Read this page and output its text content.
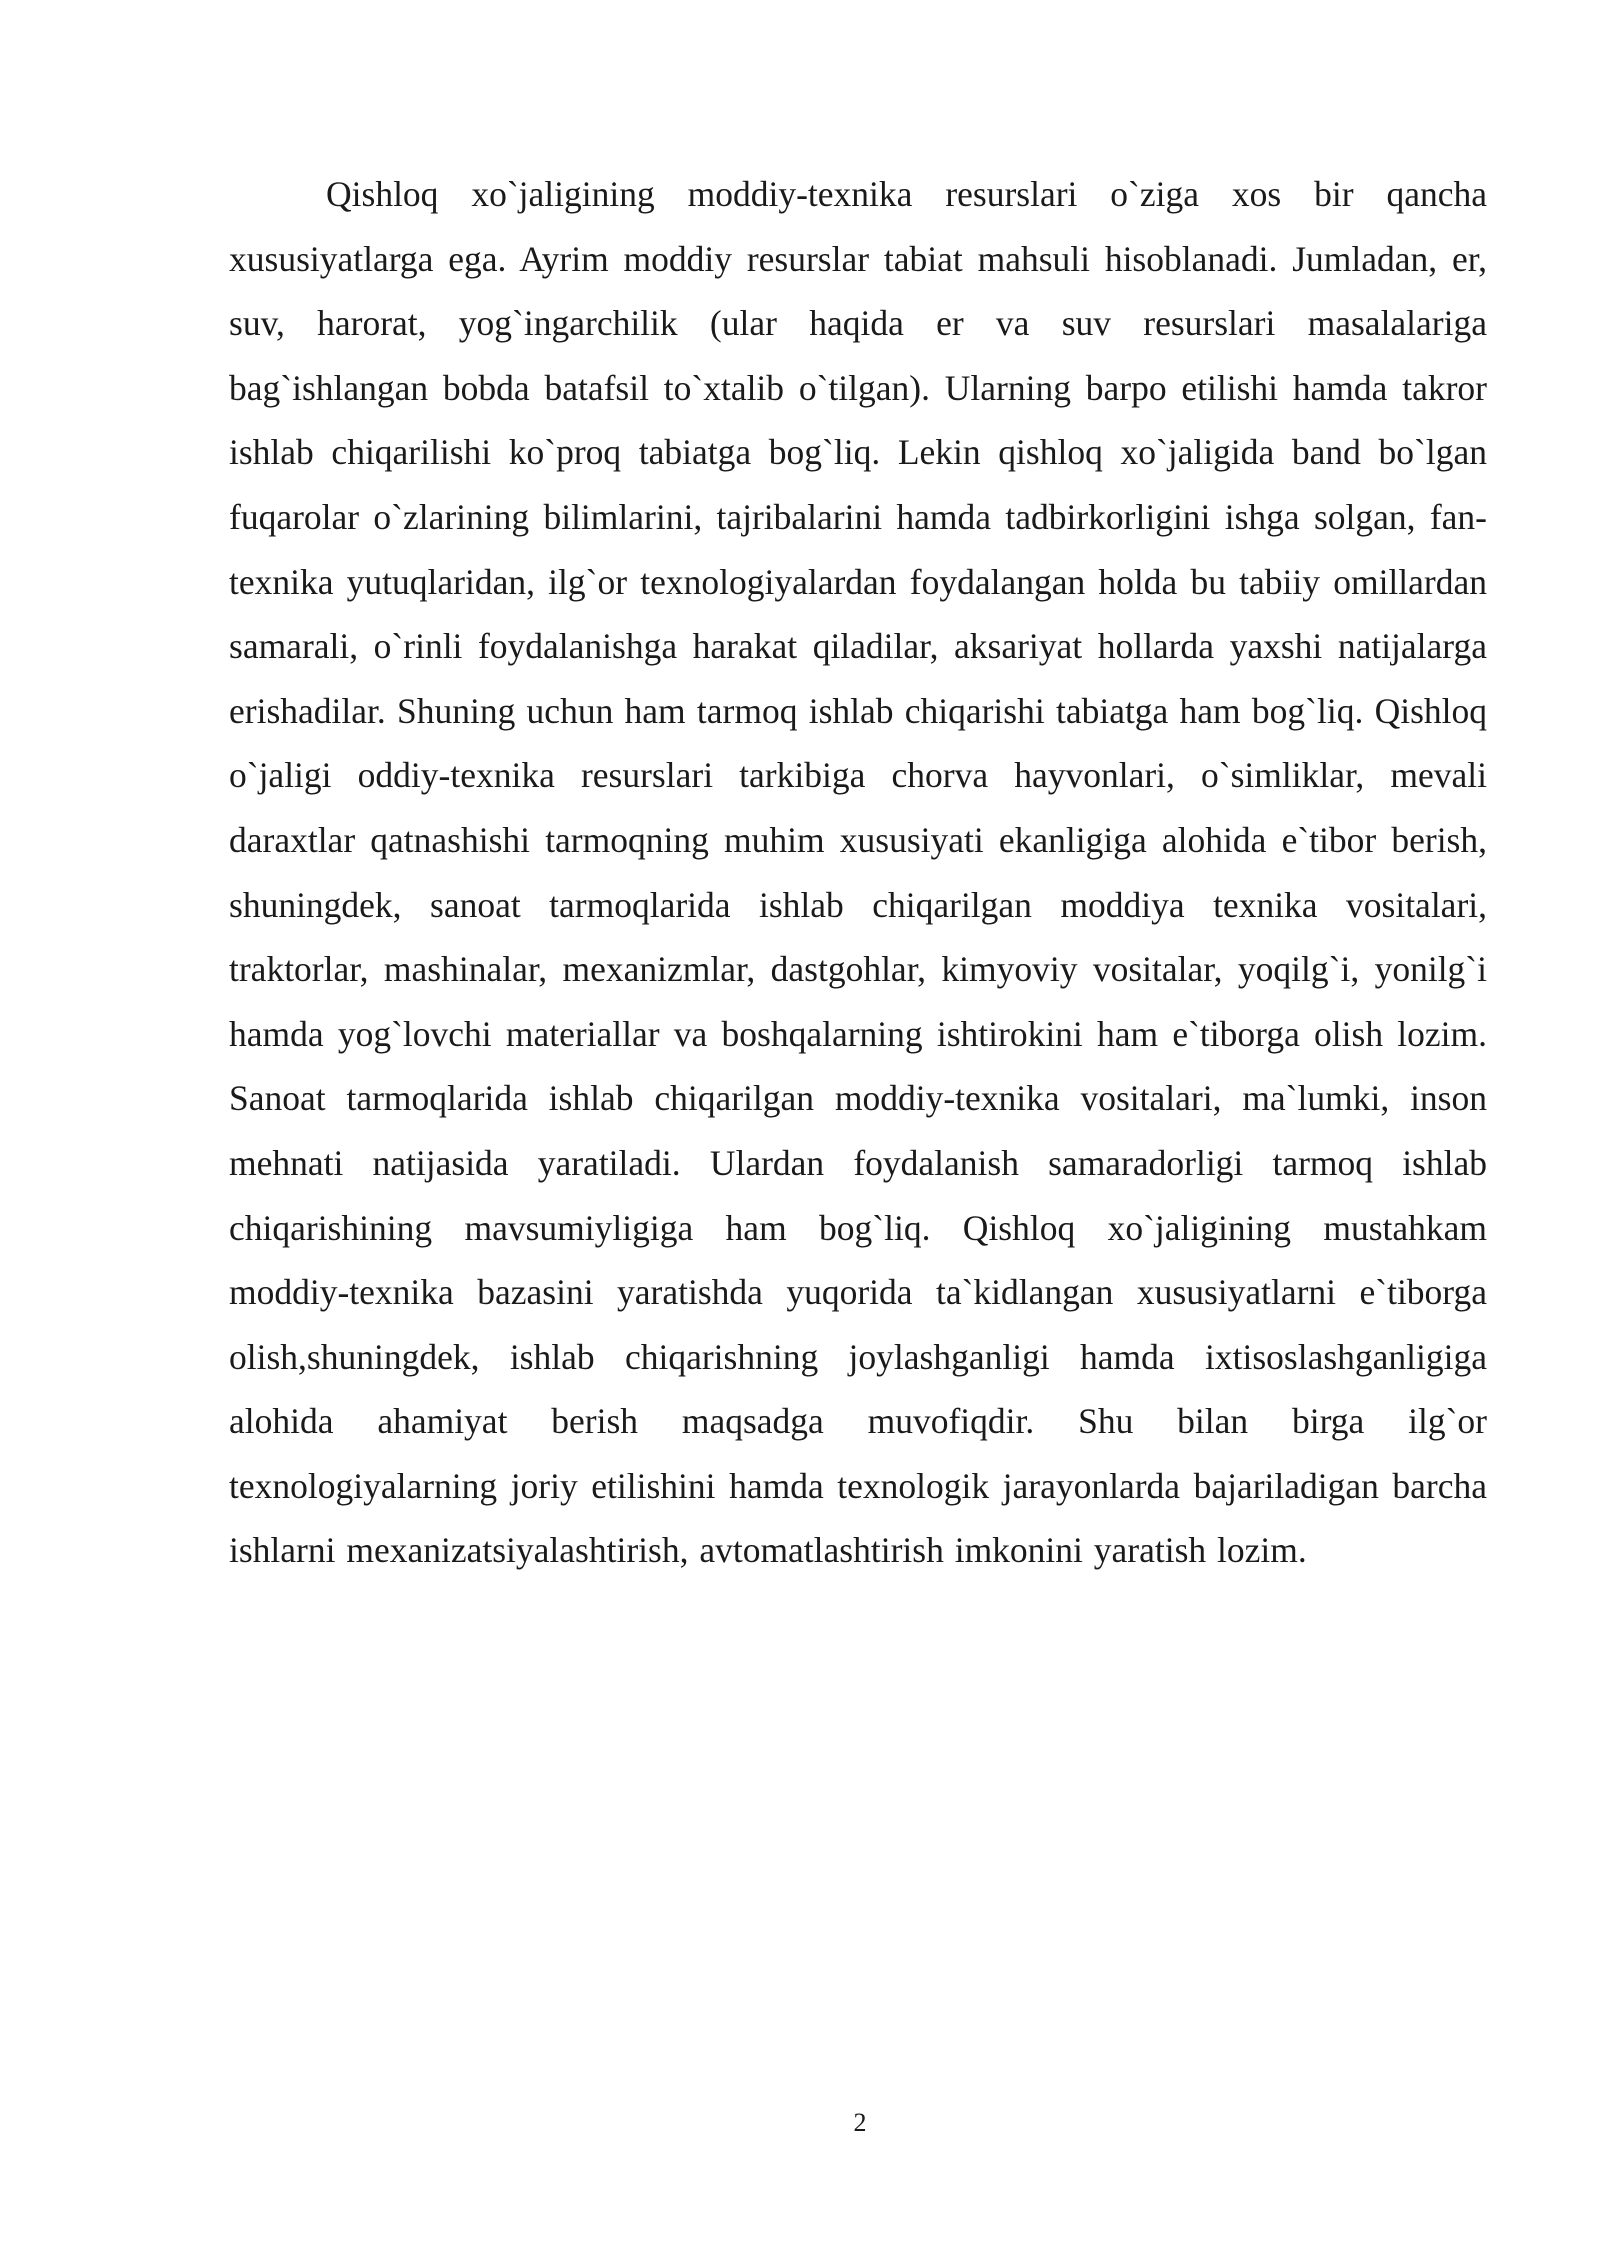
Qishloq xo`jaligining moddiy-texnika resurslari o`ziga xos bir qancha xususiyatlarga ega. Ayrim moddiy resurslar tabiat mahsuli hisoblanadi. Jumladan, er, suv, harorat, yog`ingarchilik (ular haqida er va suv resurslari masalalariga bag`ishlangan bobda batafsil to`xtalib o`tilgan). Ularning barpo etilishi hamda takror ishlab chiqarilishi ko`proq tabiatga bog`liq. Lekin qishloq xo`jaligida band bo`lgan fuqarolar o`zlarining bilimlarini, tajribalarini hamda tadbirkorligini ishga solgan, fan-texnika yutuqlaridan, ilg`or texnologiyalardan foydalangan holda bu tabiiy omillardan samarali, o`rinli foydalanishga harakat qiladilar, aksariyat hollarda yaxshi natijalarga erishadilar. Shuning uchun ham tarmoq ishlab chiqarishi tabiatga ham bog`liq. Qishloq o`jaligi oddiy-texnika resurslari tarkibiga chorva hayvonlari, o`simliklar, mevali daraxtlar qatnashishi tarmoqning muhim xususiyati ekanligiga alohida e`tibor berish, shuningdek, sanoat tarmoqlarida ishlab chiqarilgan moddiya texnika vositalari, traktorlar, mashinalar, mexanizmlar, dastgohlar, kimyoviy vositalar, yoqilg`i, yonilg`i hamda yog`lovchi materiallar va boshqalarning ishtirokini ham e`tiborga olish lozim. Sanoat tarmoqlarida ishlab chiqarilgan moddiy-texnika vositalari, ma`lumki, inson mehnati natijasida yaratiladi. Ulardan foydalanish samaradorligi tarmoq ishlab chiqarishining mavsumiyligiga ham bog`liq. Qishloq xo`jaligining mustahkam moddiy-texnika bazasini yaratishda yuqorida ta`kidlangan xususiyatlarni e`tiborga olish,shuningdek, ishlab chiqarishning joylashganligi hamda ixtisoslashganligiga alohida ahamiyat berish maqsadga muvofiqdir. Shu bilan birga ilg`or texnologiyalarning joriy etilishini hamda texnologik jarayonlarda bajariladigan barcha ishlarni mexanizatsiyalashtirish, avtomatlashtirish imkonini yaratish lozim.

2
